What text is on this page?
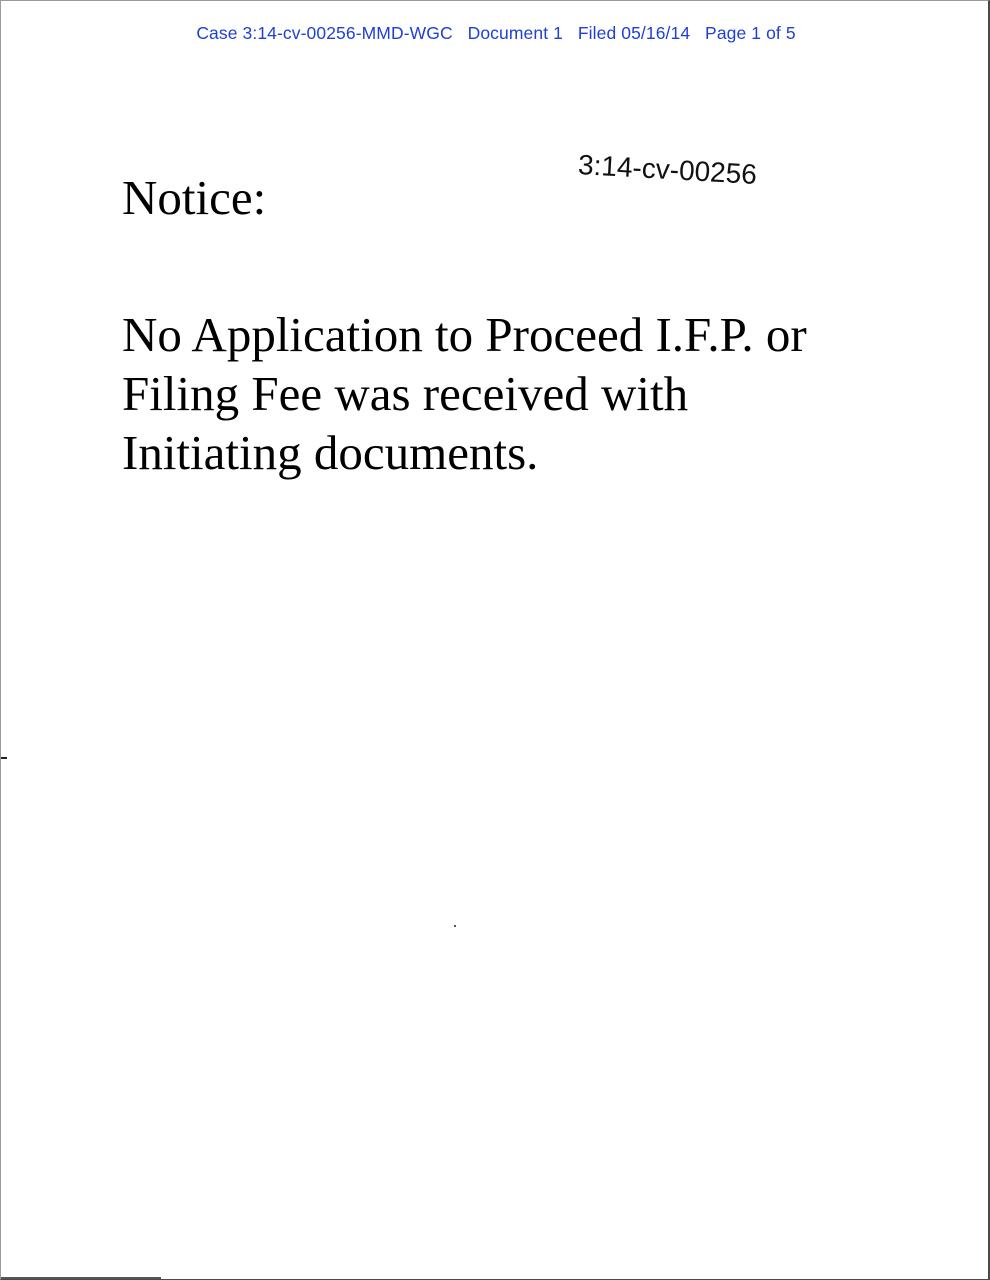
Case 3:14-cv-00256-MMD-WGC   Document 1   Filed 05/16/14   Page 1 of 5
3:14-cv-00256
Notice:

No Application to Proceed I.F.P. or
Filing Fee was received with
Initiating documents.
